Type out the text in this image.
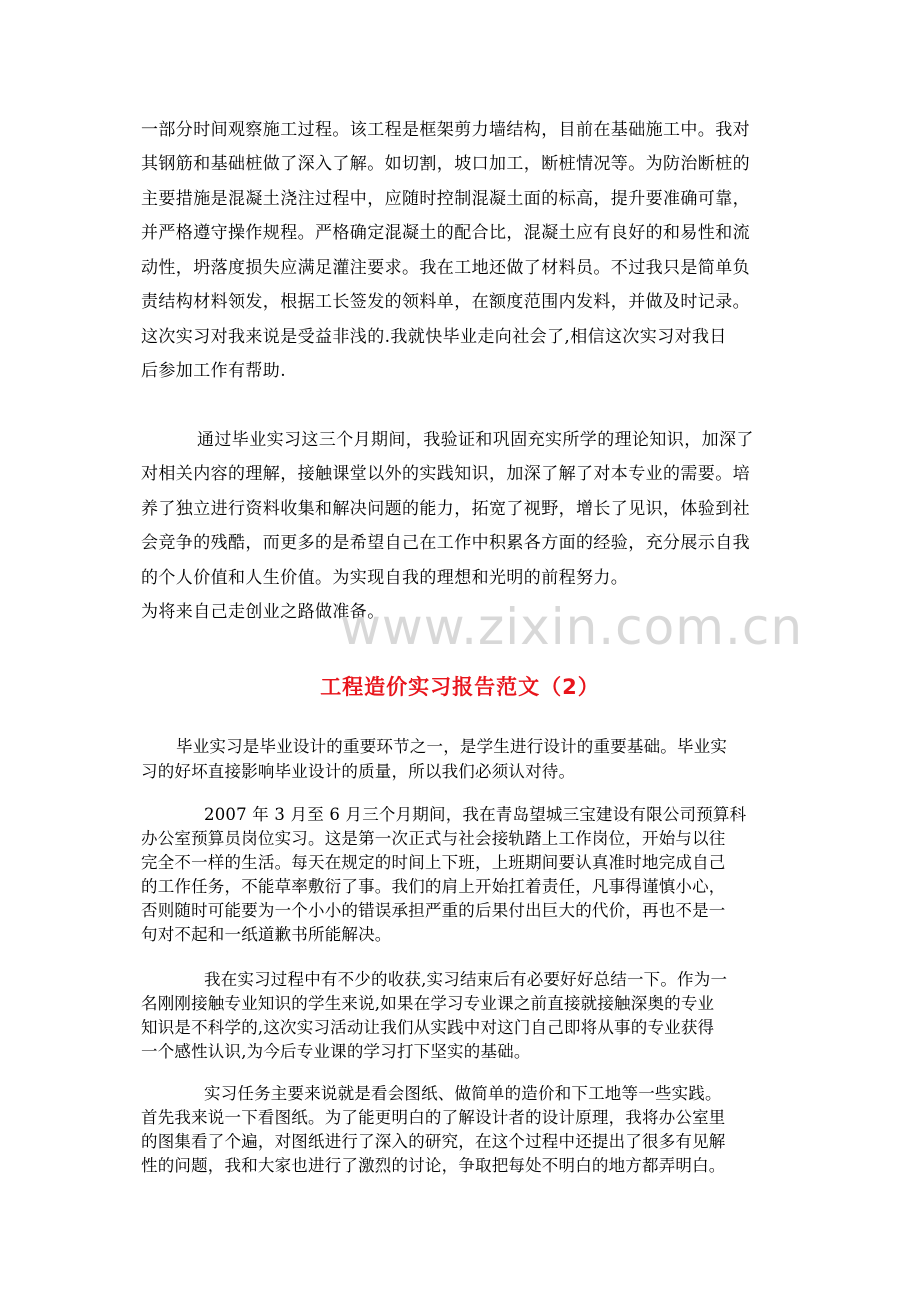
一部分时间观察施工过程。该工程是框架剪力墙结构，目前在基础施工中。我对
其钢筋和基础桩做了深入了解。如切割，坡口加工，断桩情况等。为防治断桩的
主要措施是混凝土浇注过程中，应随时控制混凝土面的标高，提升要准确可靠，
并严格遵守操作规程。严格确定混凝土的配合比，混凝土应有良好的和易性和流
动性，坍落度损失应满足灌注要求。我在工地还做了材料员。不过我只是简单负
责结构材料领发，根据工长签发的领料单，在额度范围内发料，并做及时记录。
这次实习对我来说是受益非浅的.我就快毕业走向社会了,相信这次实习对我日
后参加工作有帮助.
通过毕业实习这三个月期间，我验证和巩固充实所学的理论知识，加深了
对相关内容的理解，接触课堂以外的实践知识，加深了解了对本专业的需要。培
养了独立进行资料收集和解决问题的能力，拓宽了视野，增长了见识，体验到社
会竞争的残酷，而更多的是希望自己在工作中积累各方面的经验，充分展示自我
的个人价值和人生价值。为实现自我的理想和光明的前程努力。
为将来自己走创业之路做准备。
www.zixin.com.cn
工程造价实习报告范文（2）
毕业实习是毕业设计的重要环节之一，是学生进行设计的重要基础。毕业实
习的好坏直接影响毕业设计的质量，所以我们必须认对待。
2007 年 3 月至 6 月三个月期间，我在青岛望城三宝建设有限公司预算科
办公室预算员岗位实习。这是第一次正式与社会接轨踏上工作岗位，开始与以往
完全不一样的生活。每天在规定的时间上下班，上班期间要认真准时地完成自己
的工作任务，不能草率敷衍了事。我们的肩上开始扛着责任，凡事得谨慎小心，
否则随时可能要为一个小小的错误承担严重的后果付出巨大的代价，再也不是一
句对不起和一纸道歉书所能解决。
我在实习过程中有不少的收获,实习结束后有必要好好总结一下。作为一
名刚刚接触专业知识的学生来说,如果在学习专业课之前直接就接触深奥的专业
知识是不科学的,这次实习活动让我们从实践中对这门自己即将从事的专业获得
一个感性认识,为今后专业课的学习打下坚实的基础。
实习任务主要来说就是看会图纸、做简单的造价和下工地等一些实践。
首先我来说一下看图纸。为了能更明白的了解设计者的设计原理，我将办公室里
的图集看了个遍，对图纸进行了深入的研究，在这个过程中还提出了很多有见解
性的问题，我和大家也进行了激烈的讨论，争取把每处不明白的地方都弄明白。
